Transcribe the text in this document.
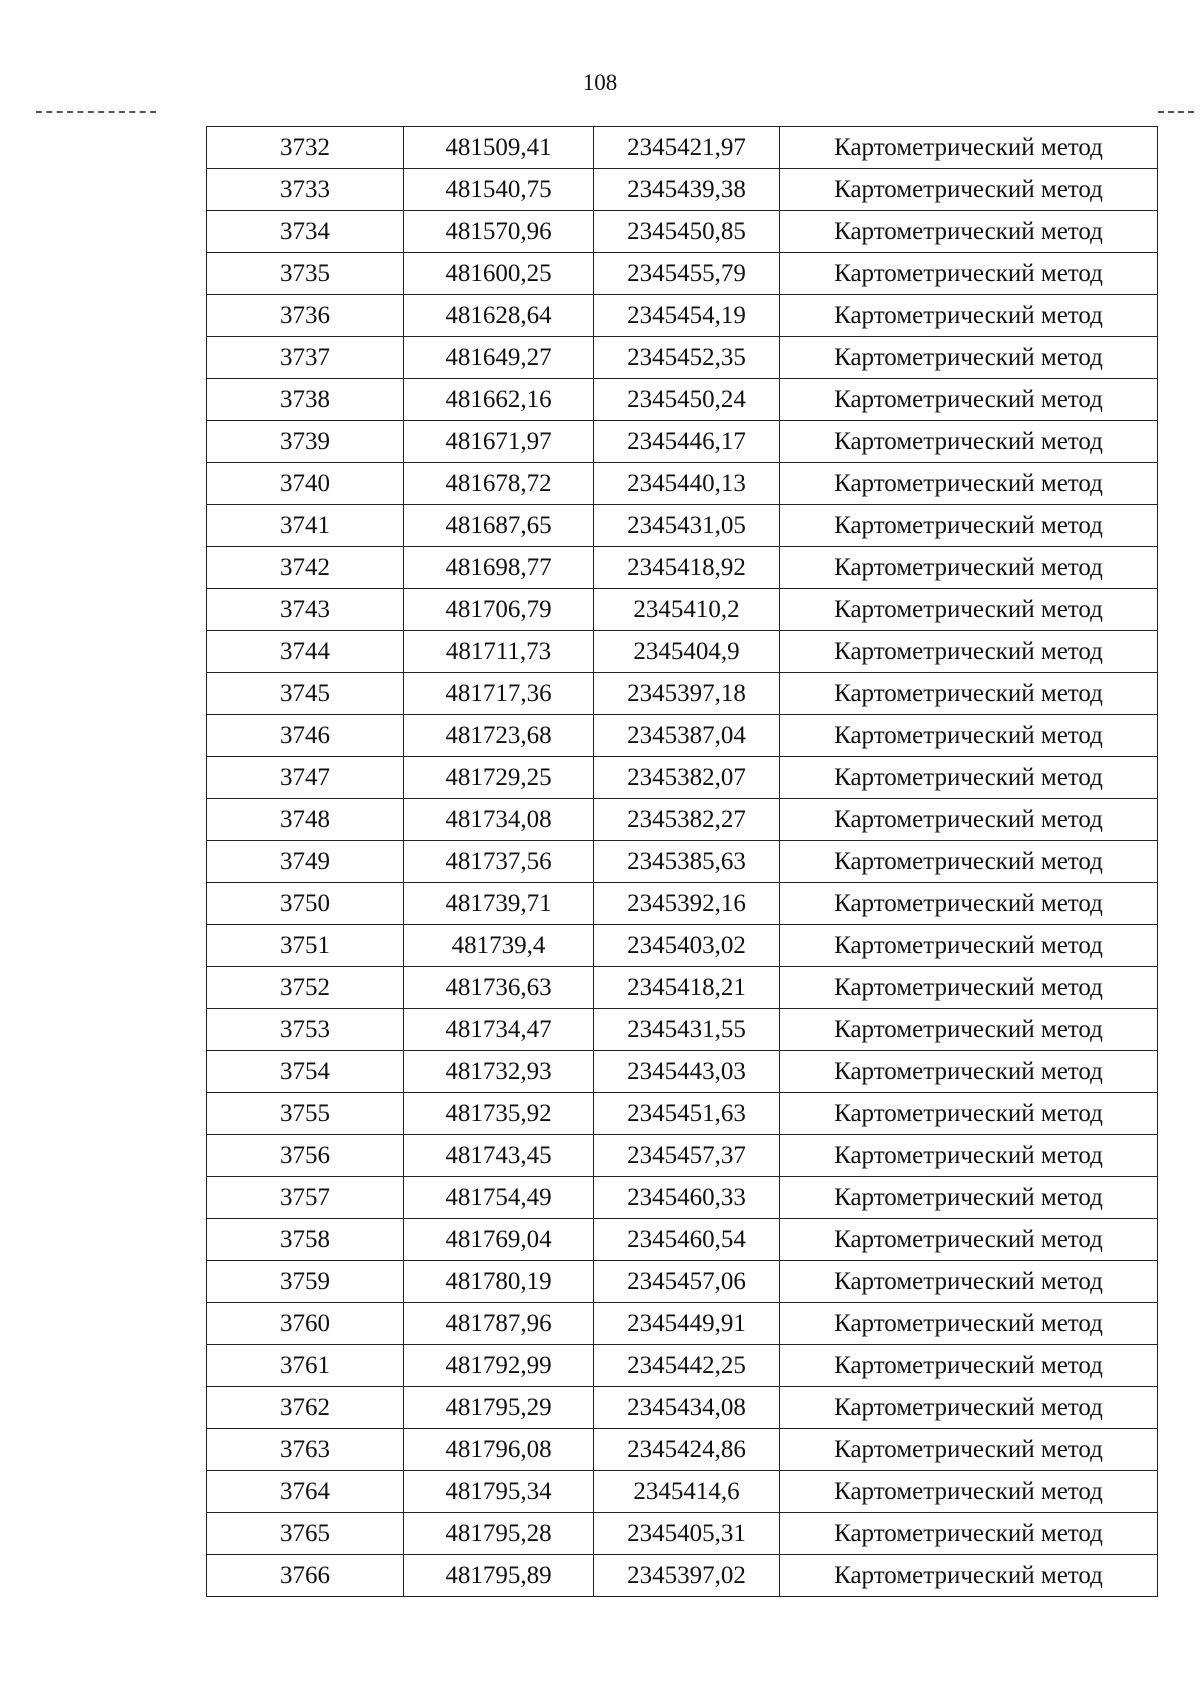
108
3732	481509,41	2345421,97	Картометрический метод
3733	481540,75	2345439,38	Картометрический метод
3734	481570,96	2345450,85	Картометрический метод
3735	481600,25	2345455,79	Картометрический метод
3736	481628,64	2345454,19	Картометрический метод
3737	481649,27	2345452,35	Картометрический метод
3738	481662,16	2345450,24	Картометрический метод
3739	481671,97	2345446,17	Картометрический метод
3740	481678,72	2345440,13	Картометрический метод
3741	481687,65	2345431,05	Картометрический метод
3742	481698,77	2345418,92	Картометрический метод
3743	481706,79	2345410,2	Картометрический метод
3744	481711,73	2345404,9	Картометрический метод
3745	481717,36	2345397,18	Картометрический метод
3746	481723,68	2345387,04	Картометрический метод
3747	481729,25	2345382,07	Картометрический метод
3748	481734,08	2345382,27	Картометрический метод
3749	481737,56	2345385,63	Картометрический метод
3750	481739,71	2345392,16	Картометрический метод
3751	481739,4	2345403,02	Картометрический метод
3752	481736,63	2345418,21	Картометрический метод
3753	481734,47	2345431,55	Картометрический метод
3754	481732,93	2345443,03	Картометрический метод
3755	481735,92	2345451,63	Картометрический метод
3756	481743,45	2345457,37	Картометрический метод
3757	481754,49	2345460,33	Картометрический метод
3758	481769,04	2345460,54	Картометрический метод
3759	481780,19	2345457,06	Картометрический метод
3760	481787,96	2345449,91	Картометрический метод
3761	481792,99	2345442,25	Картометрический метод
3762	481795,29	2345434,08	Картометрический метод
3763	481796,08	2345424,86	Картометрический метод
3764	481795,34	2345414,6	Картометрический метод
3765	481795,28	2345405,31	Картометрический метод
3766	481795,89	2345397,02	Картометрический метод
